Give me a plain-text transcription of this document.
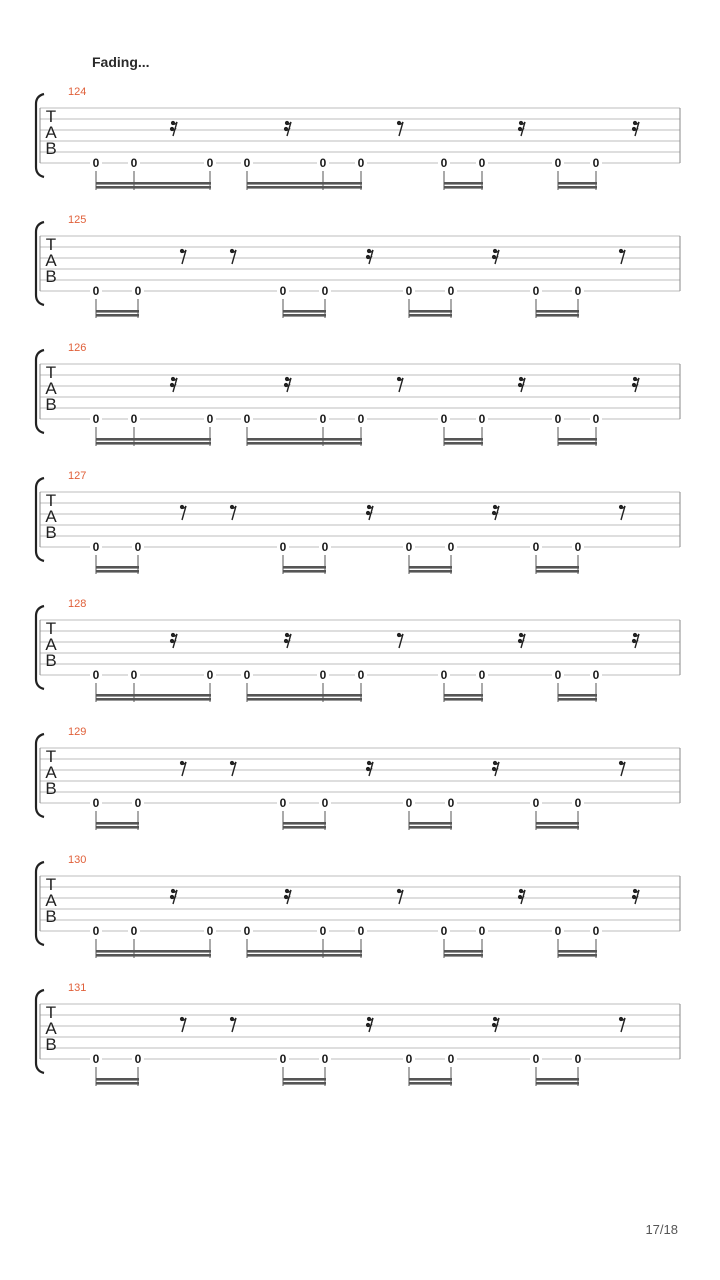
Fading...
124
T
A
B
0	0	0	0	0	0	0	0	0	0
125
T
A
B
0	0	0	0	0	0	0	0
126
T
A
B
0	0	0	0	0	0	0	0	0	0
127
T
A
B
0	0	0	0	0	0	0	0
128
T
A
B
0	0	0	0	0	0	0	0	0	0
129
T
A
B
0	0	0	0	0	0	0	0
130
T
A
B
0	0	0	0	0	0	0	0	0	0
131
T
A
B
0	0	0	0	0	0	0	0
17/18
